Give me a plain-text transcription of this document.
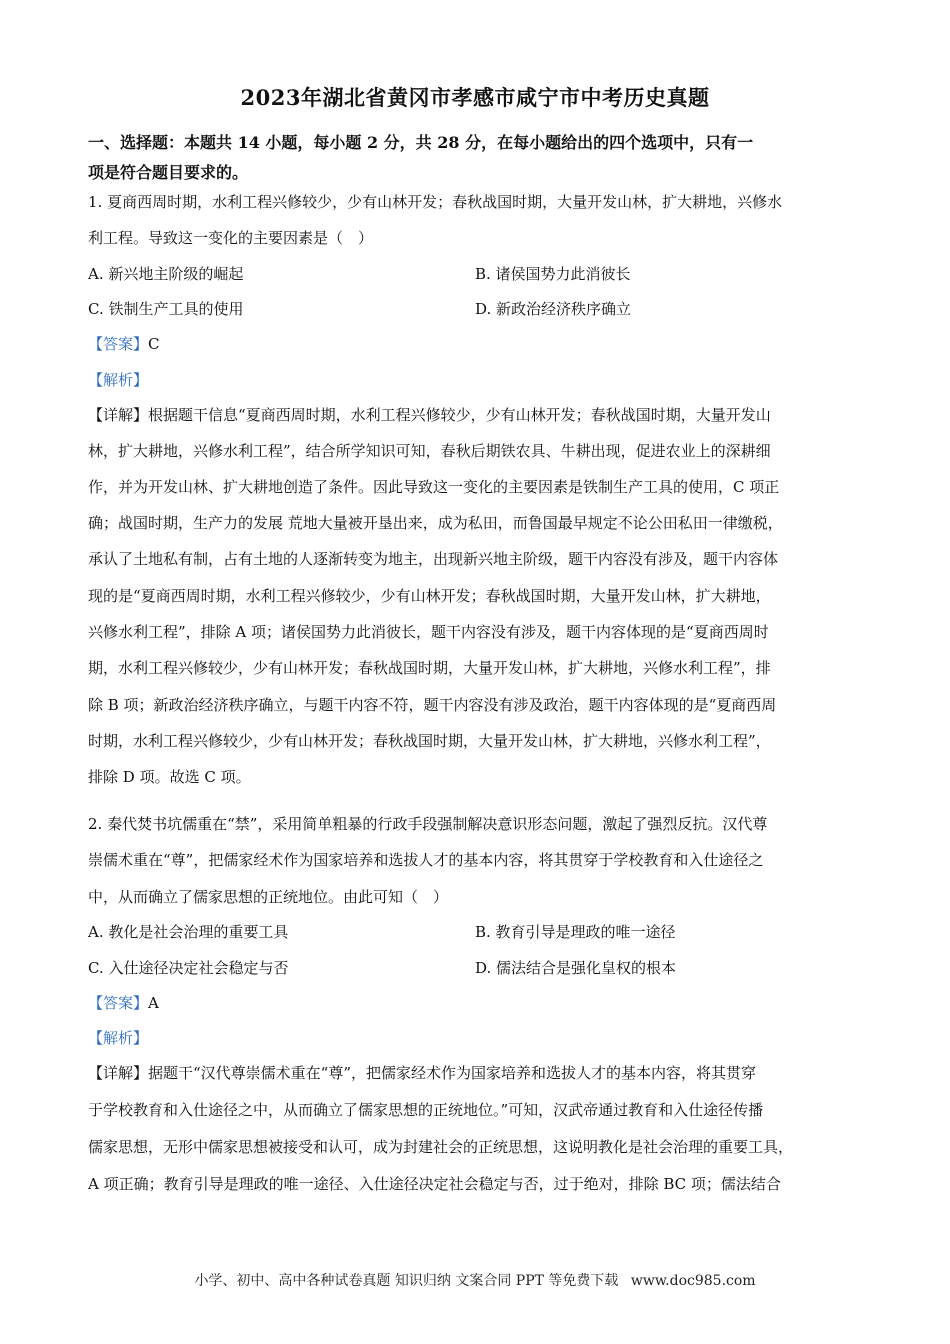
2023年湖北省黄冈市孝感市咸宁市中考历史真题
一、选择题：本题共 14 小题，每小题 2 分，共 28 分，在每小题给出的四个选项中，只有一
项是符合题目要求的。
1. 夏商西周时期，水利工程兴修较少，少有山林开发；春秋战国时期，大量开发山林，扩大耕地，兴修水
利工程。导致这一变化的主要因素是（　）
A. 新兴地主阶级的崛起	B. 诸侯国势力此消彼长
C. 铁制生产工具的使用	D. 新政治经济秩序确立
【答案】C
【解析】
【详解】根据题干信息“夏商西周时期，水利工程兴修较少，少有山林开发；春秋战国时期，大量开发山
林，扩大耕地，兴修水利工程”，结合所学知识可知，春秋后期铁农具、牛耕出现，促进农业上的深耕细
作，并为开发山林、扩大耕地创造了条件。因此导致这一变化的主要因素是铁制生产工具的使用，C 项正
确；战国时期，生产力的发展 荒地大量被开垦出来，成为私田，而鲁国最早规定不论公田私田一律缴税，
承认了土地私有制，占有土地的人逐渐转变为地主，出现新兴地主阶级，题干内容没有涉及，题干内容体
现的是“夏商西周时期，水利工程兴修较少，少有山林开发；春秋战国时期，大量开发山林，扩大耕地，
兴修水利工程”，排除 A 项；诸侯国势力此消彼长，题干内容没有涉及，题干内容体现的是“夏商西周时
期，水利工程兴修较少，少有山林开发；春秋战国时期，大量开发山林，扩大耕地，兴修水利工程”，排
除 B 项；新政治经济秩序确立，与题干内容不符，题干内容没有涉及政治，题干内容体现的是“夏商西周
时期，水利工程兴修较少，少有山林开发；春秋战国时期，大量开发山林，扩大耕地，兴修水利工程”，
排除 D 项。故选 C 项。
2. 秦代焚书坑儒重在“禁”，采用简单粗暴的行政手段强制解决意识形态问题，激起了强烈反抗。汉代尊
崇儒术重在“尊”，把儒家经术作为国家培养和选拔人才的基本内容，将其贯穿于学校教育和入仕途径之
中，从而确立了儒家思想的正统地位。由此可知（　）
A. 教化是社会治理的重要工具	B. 教育引导是理政的唯一途径
C. 入仕途径决定社会稳定与否	D. 儒法结合是强化皇权的根本
【答案】A
【解析】
【详解】据题干“汉代尊崇儒术重在“尊”，把儒家经术作为国家培养和选拔人才的基本内容，将其贯穿
于学校教育和入仕途径之中，从而确立了儒家思想的正统地位。”可知，汉武帝通过教育和入仕途径传播
儒家思想，无形中儒家思想被接受和认可，成为封建社会的正统思想，这说明教化是社会治理的重要工具，
A 项正确；教育引导是理政的唯一途径、入仕途径决定社会稳定与否，过于绝对，排除 BC 项；儒法结合
小学、初中、高中各种试卷真题 知识归纳 文案合同 PPT 等免费下载 www.doc985.com
